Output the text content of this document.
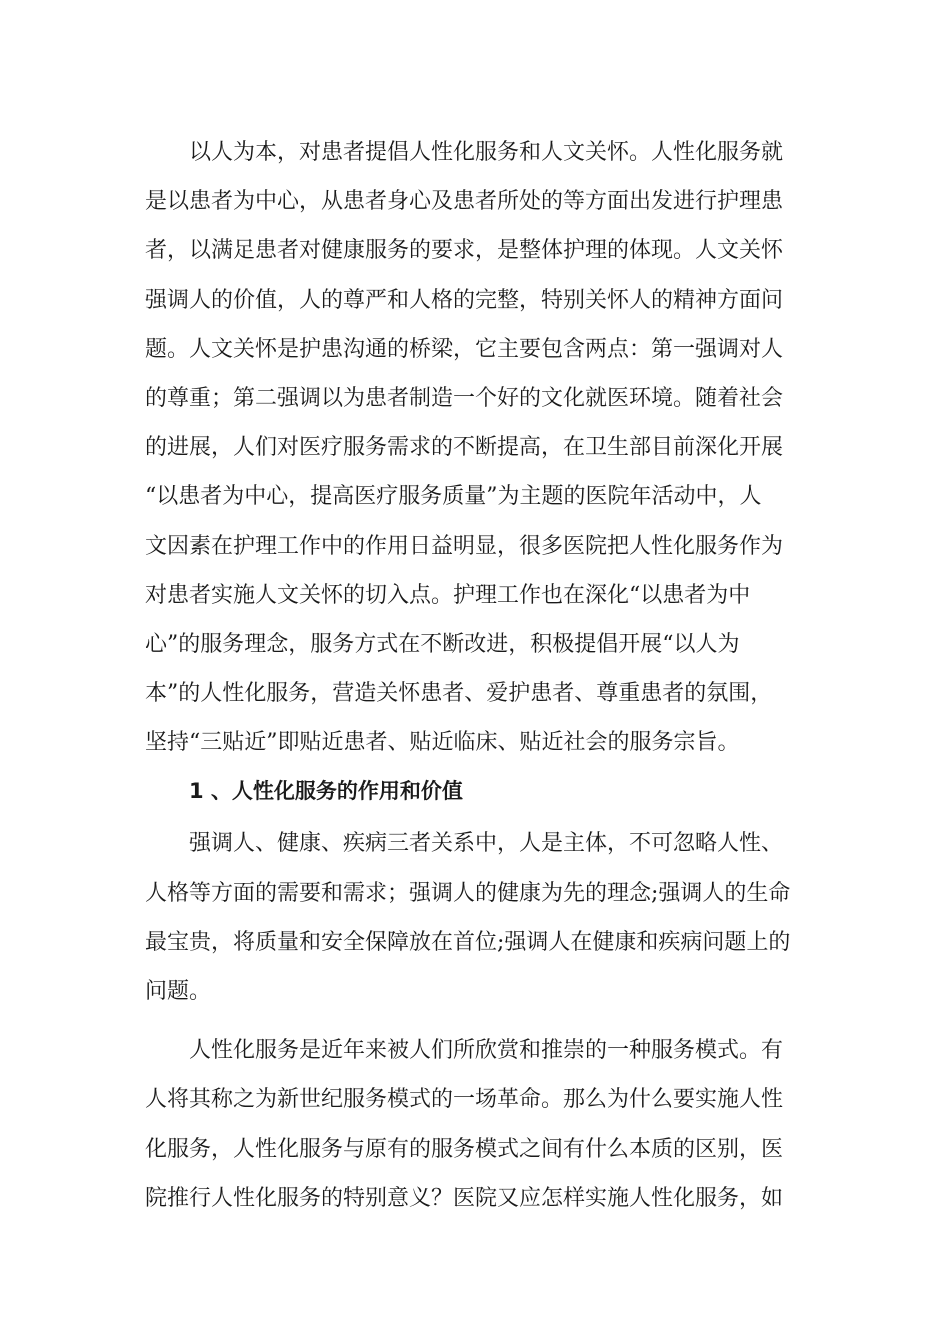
以人为本，对患者提倡人性化服务和人文关怀。人性化服务就
是以患者为中心，从患者身心及患者所处的等方面出发进行护理患
者，以满足患者对健康服务的要求，是整体护理的体现。人文关怀
强调人的价值，人的尊严和人格的完整，特别关怀人的精神方面问
题。人文关怀是护患沟通的桥梁，它主要包含两点：第一强调对人
的尊重；第二强调以为患者制造一个好的文化就医环境。随着社会
的进展，人们对医疗服务需求的不断提高，在卫生部目前深化开展
“以患者为中心，提高医疗服务质量”为主题的医院年活动中，人
文因素在护理工作中的作用日益明显，很多医院把人性化服务作为
对患者实施人文关怀的切入点。护理工作也在深化“以患者为中
心”的服务理念，服务方式在不断改进，积极提倡开展“以人为
本”的人性化服务，营造关怀患者、爱护患者、尊重患者的氛围，
坚持“三贴近”即贴近患者、贴近临床、贴近社会的服务宗旨。

1 、人性化服务的作用和价值

强调人、健康、疾病三者关系中，人是主体，不可忽略人性、
人格等方面的需要和需求；强调人的健康为先的理念;强调人的生命
最宝贵，将质量和安全保障放在首位;强调人在健康和疾病问题上的
问题。

人性化服务是近年来被人们所欣赏和推崇的一种服务模式。有
人将其称之为新世纪服务模式的一场革命。那么为什么要实施人性
化服务，人性化服务与原有的服务模式之间有什么本质的区别，医
院推行人性化服务的特别意义？医院又应怎样实施人性化服务，如
